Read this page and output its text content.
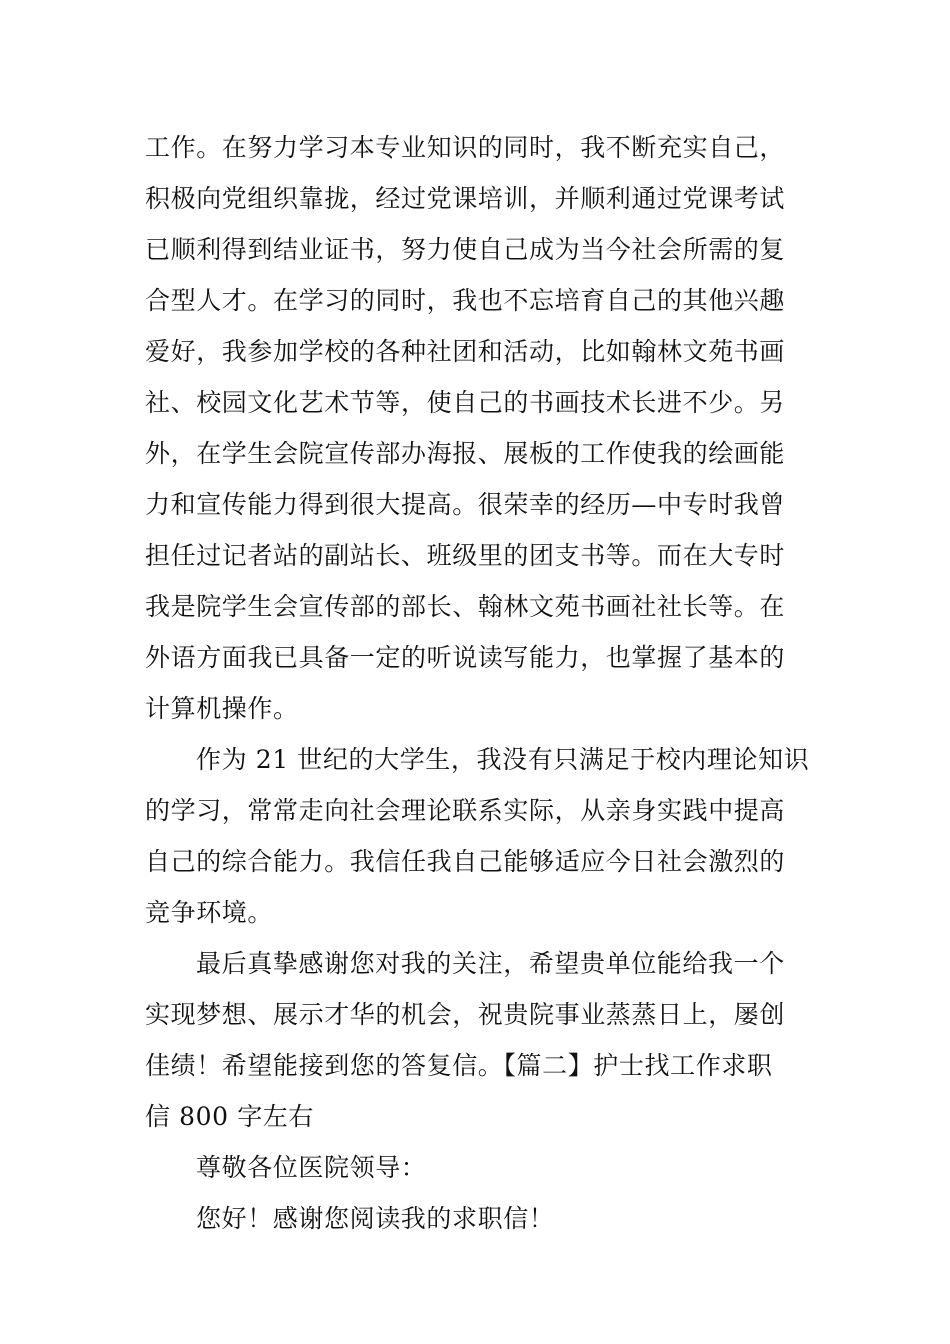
工作。在努力学习本专业知识的同时，我不断充实自己，
积极向党组织靠拢，经过党课培训，并顺利通过党课考试
已顺利得到结业证书，努力使自己成为当今社会所需的复
合型人才。在学习的同时，我也不忘培育自己的其他兴趣
爱好，我参加学校的各种社团和活动，比如翰林文苑书画
社、校园文化艺术节等，使自己的书画技术长进不少。另
外，在学生会院宣传部办海报、展板的工作使我的绘画能
力和宣传能力得到很大提高。很荣幸的经历—中专时我曾
担任过记者站的副站长、班级里的团支书等。而在大专时
我是院学生会宣传部的部长、翰林文苑书画社社长等。在
外语方面我已具备一定的听说读写能力，也掌握了基本的
计算机操作。
作为 21 世纪的大学生，我没有只满足于校内理论知识
的学习，常常走向社会理论联系实际，从亲身实践中提高
自己的综合能力。我信任我自己能够适应今日社会激烈的
竞争环境。
最后真挚感谢您对我的关注，希望贵单位能给我一个
实现梦想、展示才华的机会，祝贵院事业蒸蒸日上，屡创
佳绩！希望能接到您的答复信。【篇二】护士找工作求职
信 800 字左右
尊敬各位医院领导：
您好！感谢您阅读我的求职信！
